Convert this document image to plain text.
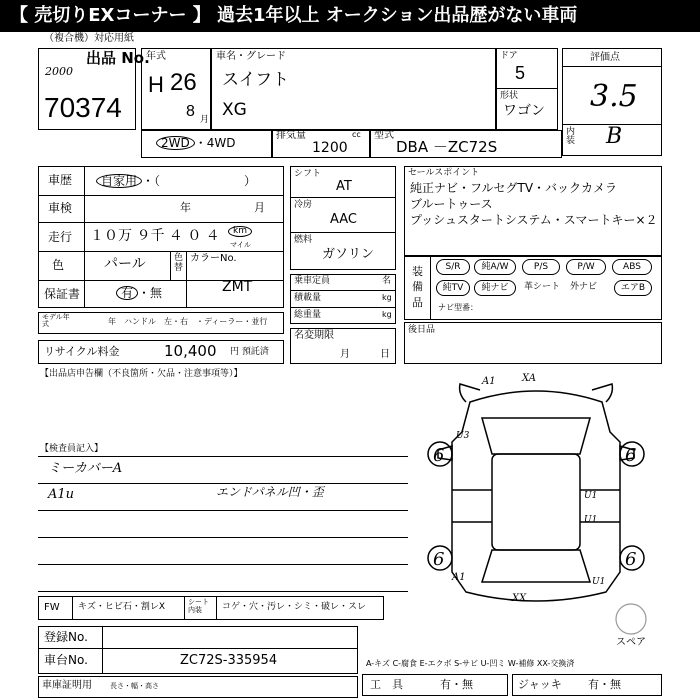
【 売切りEXコーナー 】 過去1年以上 オークション出品歴がない車両
（複合機）対応用紙
出品 No.
2000
70374
年式
H 26
8 月
車名・グレード
スイフト
XG
ドア
5
形状
ワゴン
評価点
3.5
内装 B
2WD ・4WD
排気量	cc
1200
型式
DBA －ZC72S
車歴	自家用 ・（　　　　　　　）
車検	年	月
走行 １０万 ９千 ４ ０ ４	km
マイル
色	パール	色替
カラーNo.
ZMT
保証書	有 ・無
モデル年式	年　ハンドル　左・右　・ディーラー・並行
リサイクル料金	10,400 円 預託済
シフト
AT
冷房
AAC
燃料
ガソリン
乗車定員	名
積載量	kg
総重量	kg
名変期限
月	日
セールスポイント
純正ナビ・フルセグTV・バックカメラ
ブルートゥース
プッシュスタートシステム・スマートキー×２
装備品
S/R	純A/W	P/S	P/W	ABS
純TV	純ナビ	革シート 外ナビ	エアB
ナビ型番：
後日品
【出品店申告欄（不良箇所・欠品・注意事項等）】
【検査員記入】
ミーカバーA
A1u	エンドパネル凹・歪
6	6
6	6
A1	XA
U3
U1
U1
A1	U1
XX
FW キズ・ヒビ石・割レX	シート内装	コゲ・穴・汚レ・シミ・破レ・スレ
登録No.
車台No.	ZC72S-335954
車庫証明用	長さ・幅・高さ
スペア
A-キズ C-腐食 E-エクボ S-サビ U-凹ミ W-補修 XX-交換済
工　具	有・無	ジャッキ 有・無
